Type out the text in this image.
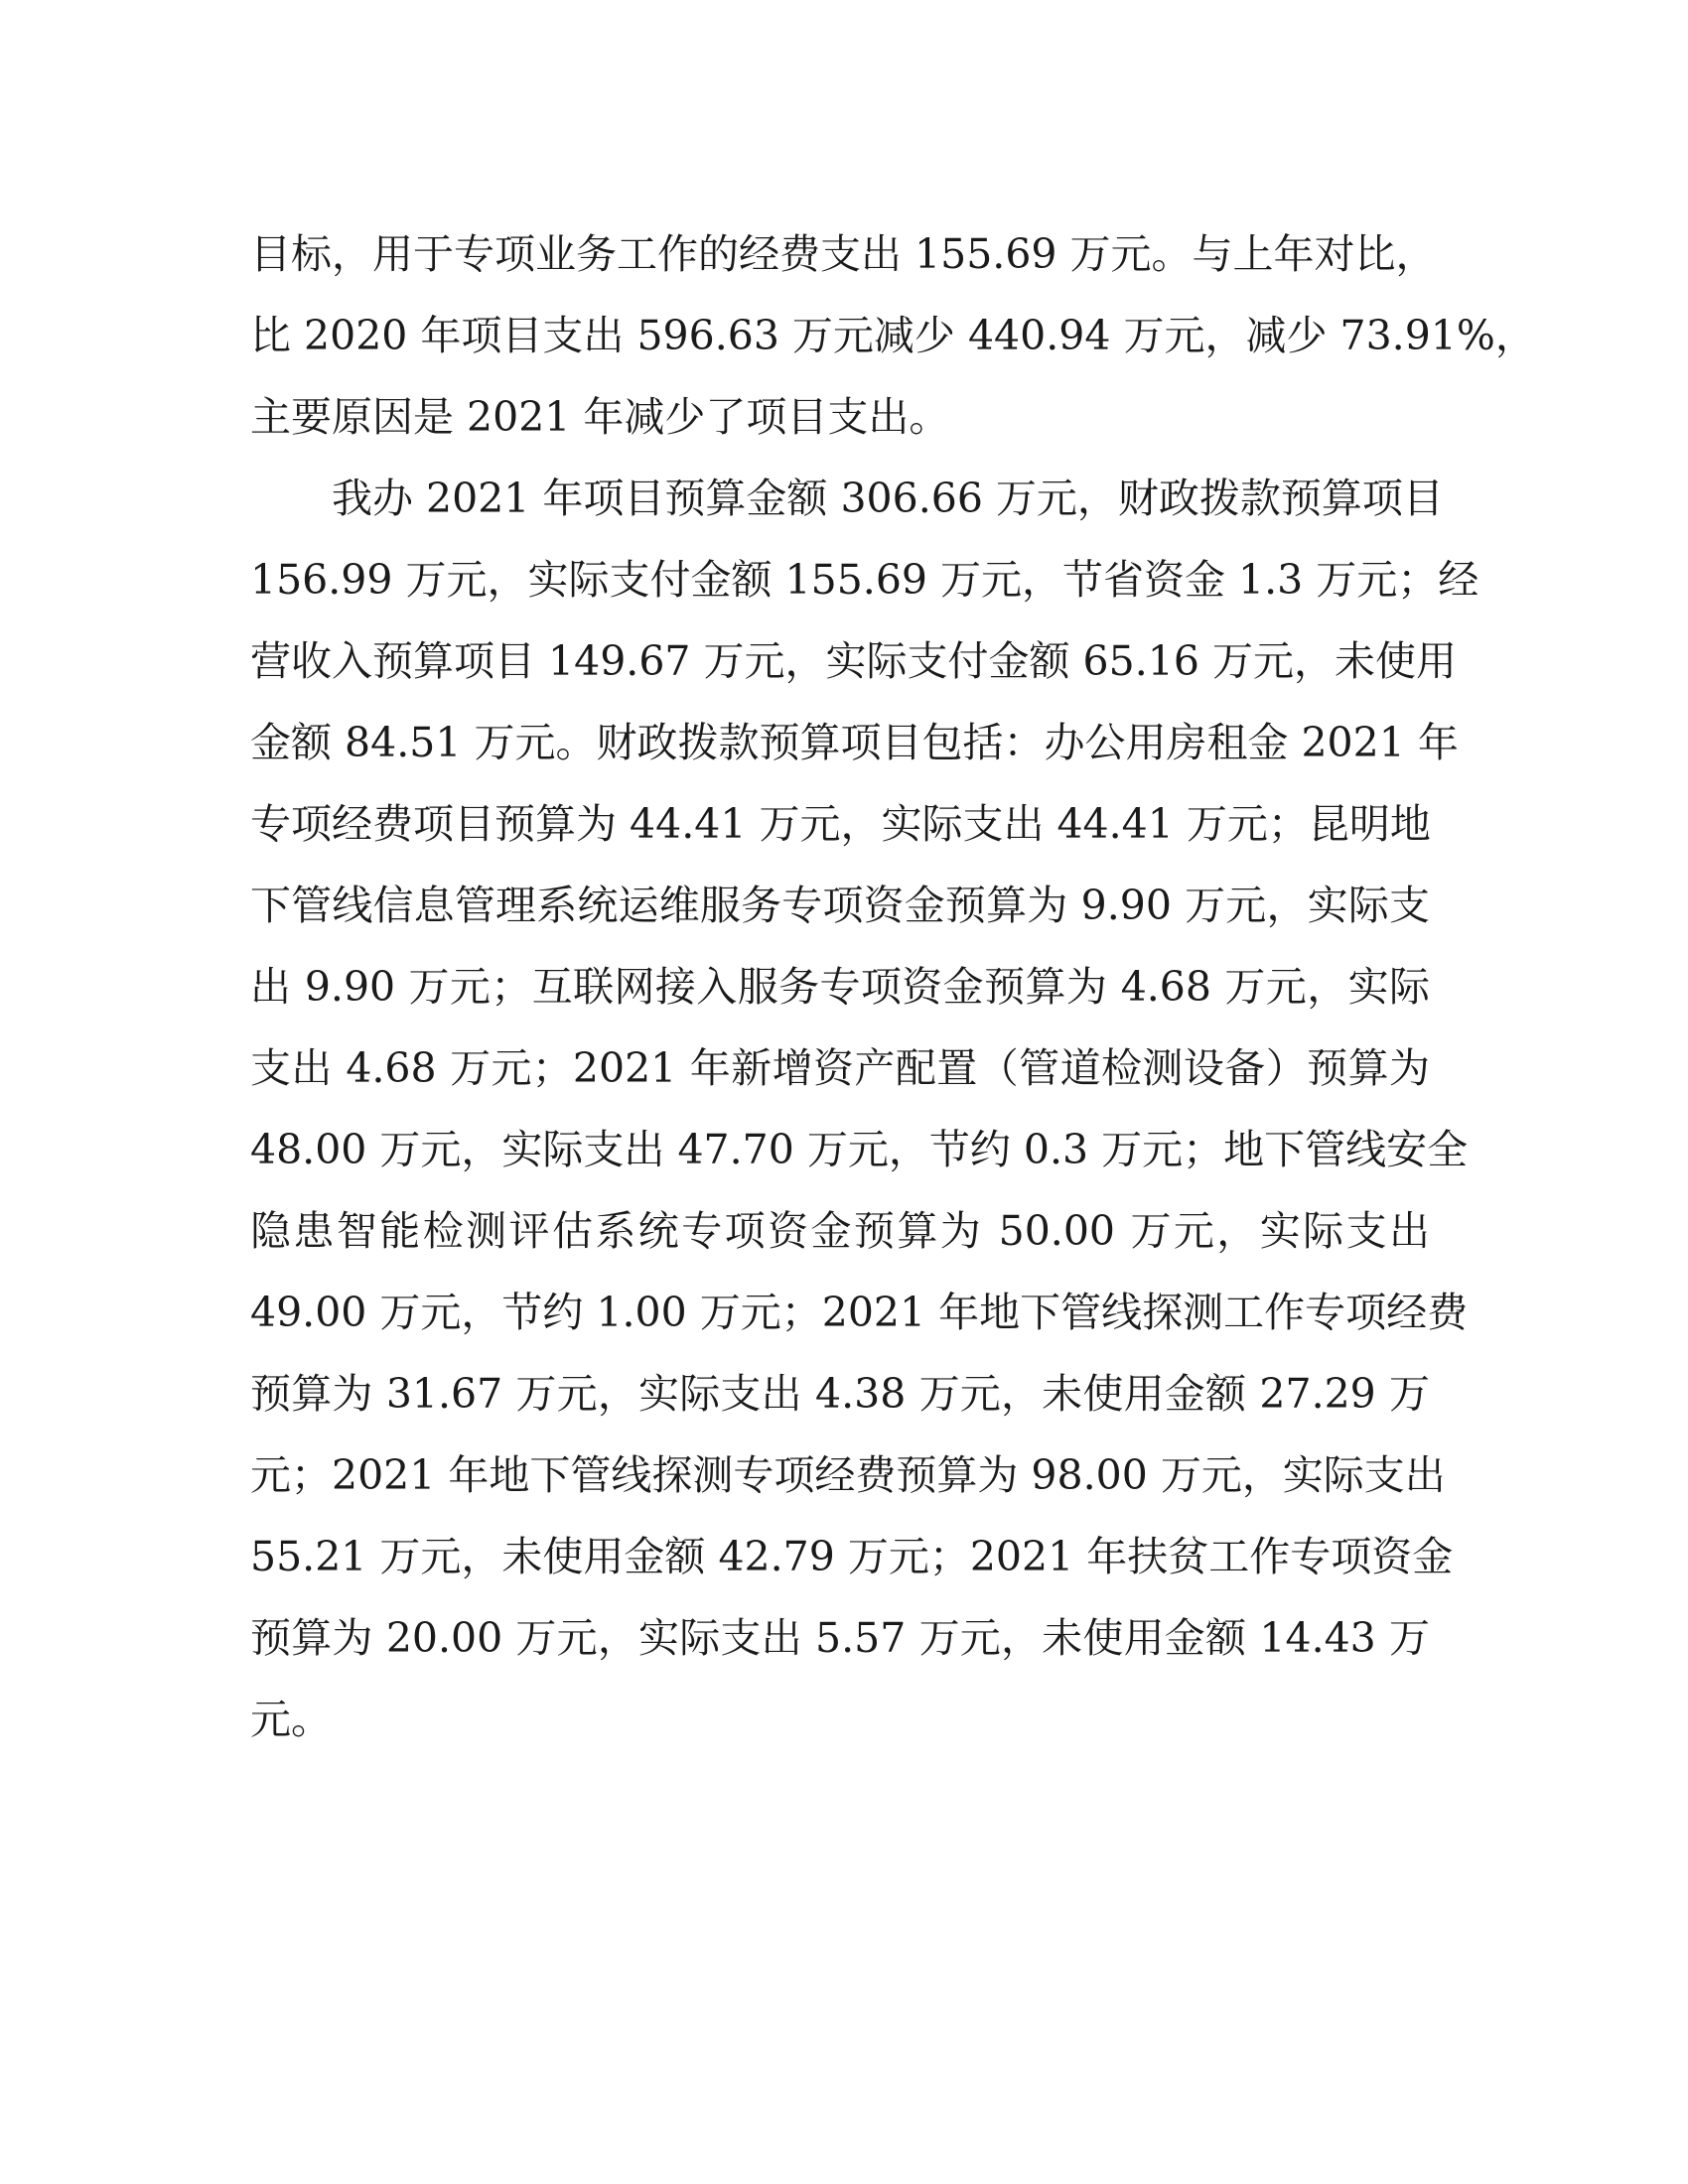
目标，用于专项业务工作的经费支出 155.69 万元。与上年对比，
比 2020 年项目支出 596.63 万元减少 440.94 万元，减少 73.91%，
主要原因是 2021 年减少了项目支出。
我办 2021 年项目预算金额 306.66 万元，财政拨款预算项目
156.99 万元，实际支付金额 155.69 万元，节省资金 1.3 万元；经
营收入预算项目 149.67 万元，实际支付金额 65.16 万元，未使用
金额 84.51 万元。财政拨款预算项目包括：办公用房租金 2021 年
专项经费项目预算为 44.41 万元，实际支出 44.41 万元；昆明地
下管线信息管理系统运维服务专项资金预算为 9.90 万元，实际支
出 9.90 万元；互联网接入服务专项资金预算为 4.68 万元，实际
支出 4.68 万元；2021 年新增资产配置（管道检测设备）预算为
48.00 万元，实际支出 47.70 万元，节约 0.3 万元；地下管线安全
隐患智能检测评估系统专项资金预算为 50.00 万元，实际支出
49.00 万元，节约 1.00 万元；2021 年地下管线探测工作专项经费
预算为 31.67 万元，实际支出 4.38 万元，未使用金额 27.29 万
元；2021 年地下管线探测专项经费预算为 98.00 万元，实际支出
55.21 万元，未使用金额 42.79 万元；2021 年扶贫工作专项资金
预算为 20.00 万元，实际支出 5.57 万元，未使用金额 14.43 万
元。
